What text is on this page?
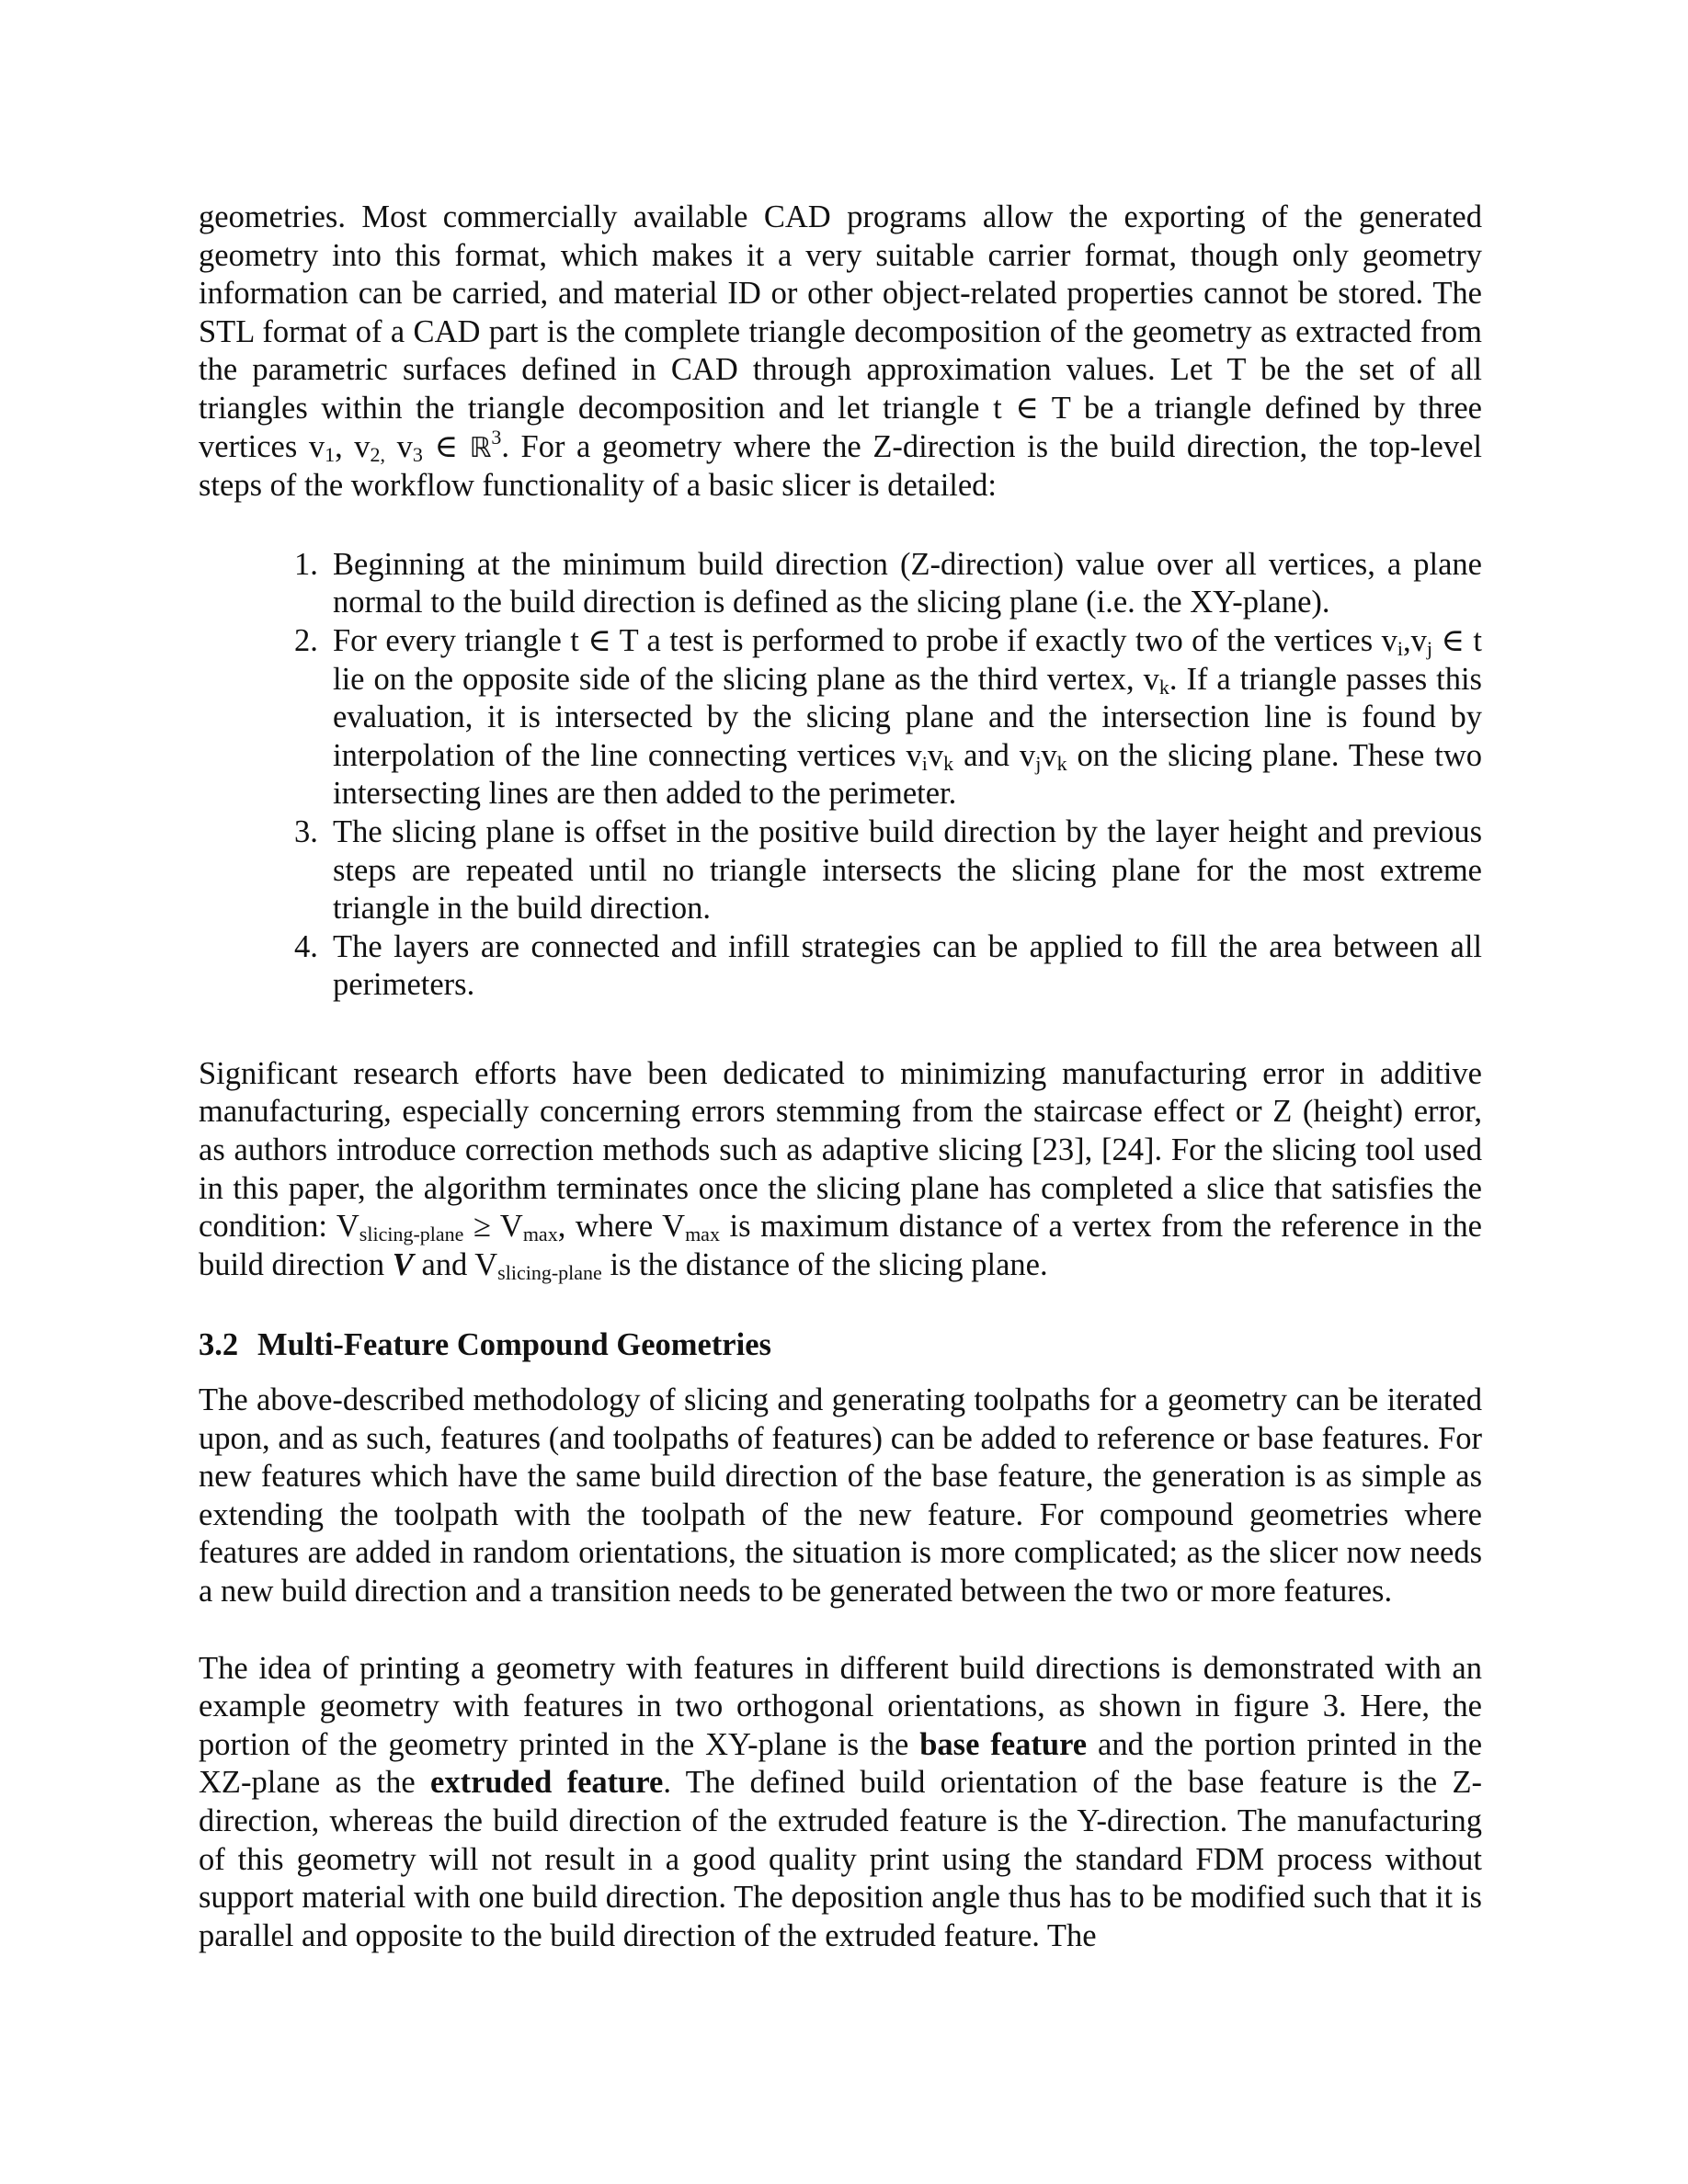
geometries. Most commercially available CAD programs allow the exporting of the generated geometry into this format, which makes it a very suitable carrier format, though only geometry information can be carried, and material ID or other object-related properties cannot be stored. The STL format of a CAD part is the complete triangle decomposition of the geometry as extracted from the parametric surfaces defined in CAD through approximation values. Let T be the set of all triangles within the triangle decomposition and let triangle t ∈ T be a triangle defined by three vertices $v_1$, $v_{2,}$ $v_3$ ∈ ℝ$^3$. For a geometry where the Z-direction is the build direction, the top-level steps of the workflow functionality of a basic slicer is detailed:

1. Beginning at the minimum build direction (Z-direction) value over all vertices, a plane normal to the build direction is defined as the slicing plane (i.e. the XY-plane).
2. For every triangle t ∈ T a test is performed to probe if exactly two of the vertices $v_i,v_j$ ∈ t lie on the opposite side of the slicing plane as the third vertex, $v_k$. If a triangle passes this evaluation, it is intersected by the slicing plane and the intersection line is found by interpolation of the line connecting vertices $v_iv_k$ and $v_jv_k$ on the slicing plane. These two intersecting lines are then added to the perimeter.
3. The slicing plane is offset in the positive build direction by the layer height and previous steps are repeated until no triangle intersects the slicing plane for the most extreme triangle in the build direction.
4. The layers are connected and infill strategies can be applied to fill the area between all perimeters.

Significant research efforts have been dedicated to minimizing manufacturing error in additive manufacturing, especially concerning errors stemming from the staircase effect or Z (height) error, as authors introduce correction methods such as adaptive slicing [23], [24]. For the slicing tool used in this paper, the algorithm terminates once the slicing plane has completed a slice that satisfies the condition: $V_{slicing-plane} \ge V_{max}$, where $V_{max}$ is maximum distance of a vertex from the reference in the build direction V and $V_{slicing-plane}$ is the distance of the slicing plane.

3.2 Multi-Feature Compound Geometries

The above-described methodology of slicing and generating toolpaths for a geometry can be iterated upon, and as such, features (and toolpaths of features) can be added to reference or base features. For new features which have the same build direction of the base feature, the generation is as simple as extending the toolpath with the toolpath of the new feature. For compound geometries where features are added in random orientations, the situation is more complicated; as the slicer now needs a new build direction and a transition needs to be generated between the two or more features.

The idea of printing a geometry with features in different build directions is demonstrated with an example geometry with features in two orthogonal orientations, as shown in figure 3. Here, the portion of the geometry printed in the XY-plane is the base feature and the portion printed in the XZ-plane as the extruded feature. The defined build orientation of the base feature is the Z-direction, whereas the build direction of the extruded feature is the Y-direction. The manufacturing of this geometry will not result in a good quality print using the standard FDM process without support material with one build direction. The deposition angle thus has to be modified such that it is parallel and opposite to the build direction of the extruded feature. The
